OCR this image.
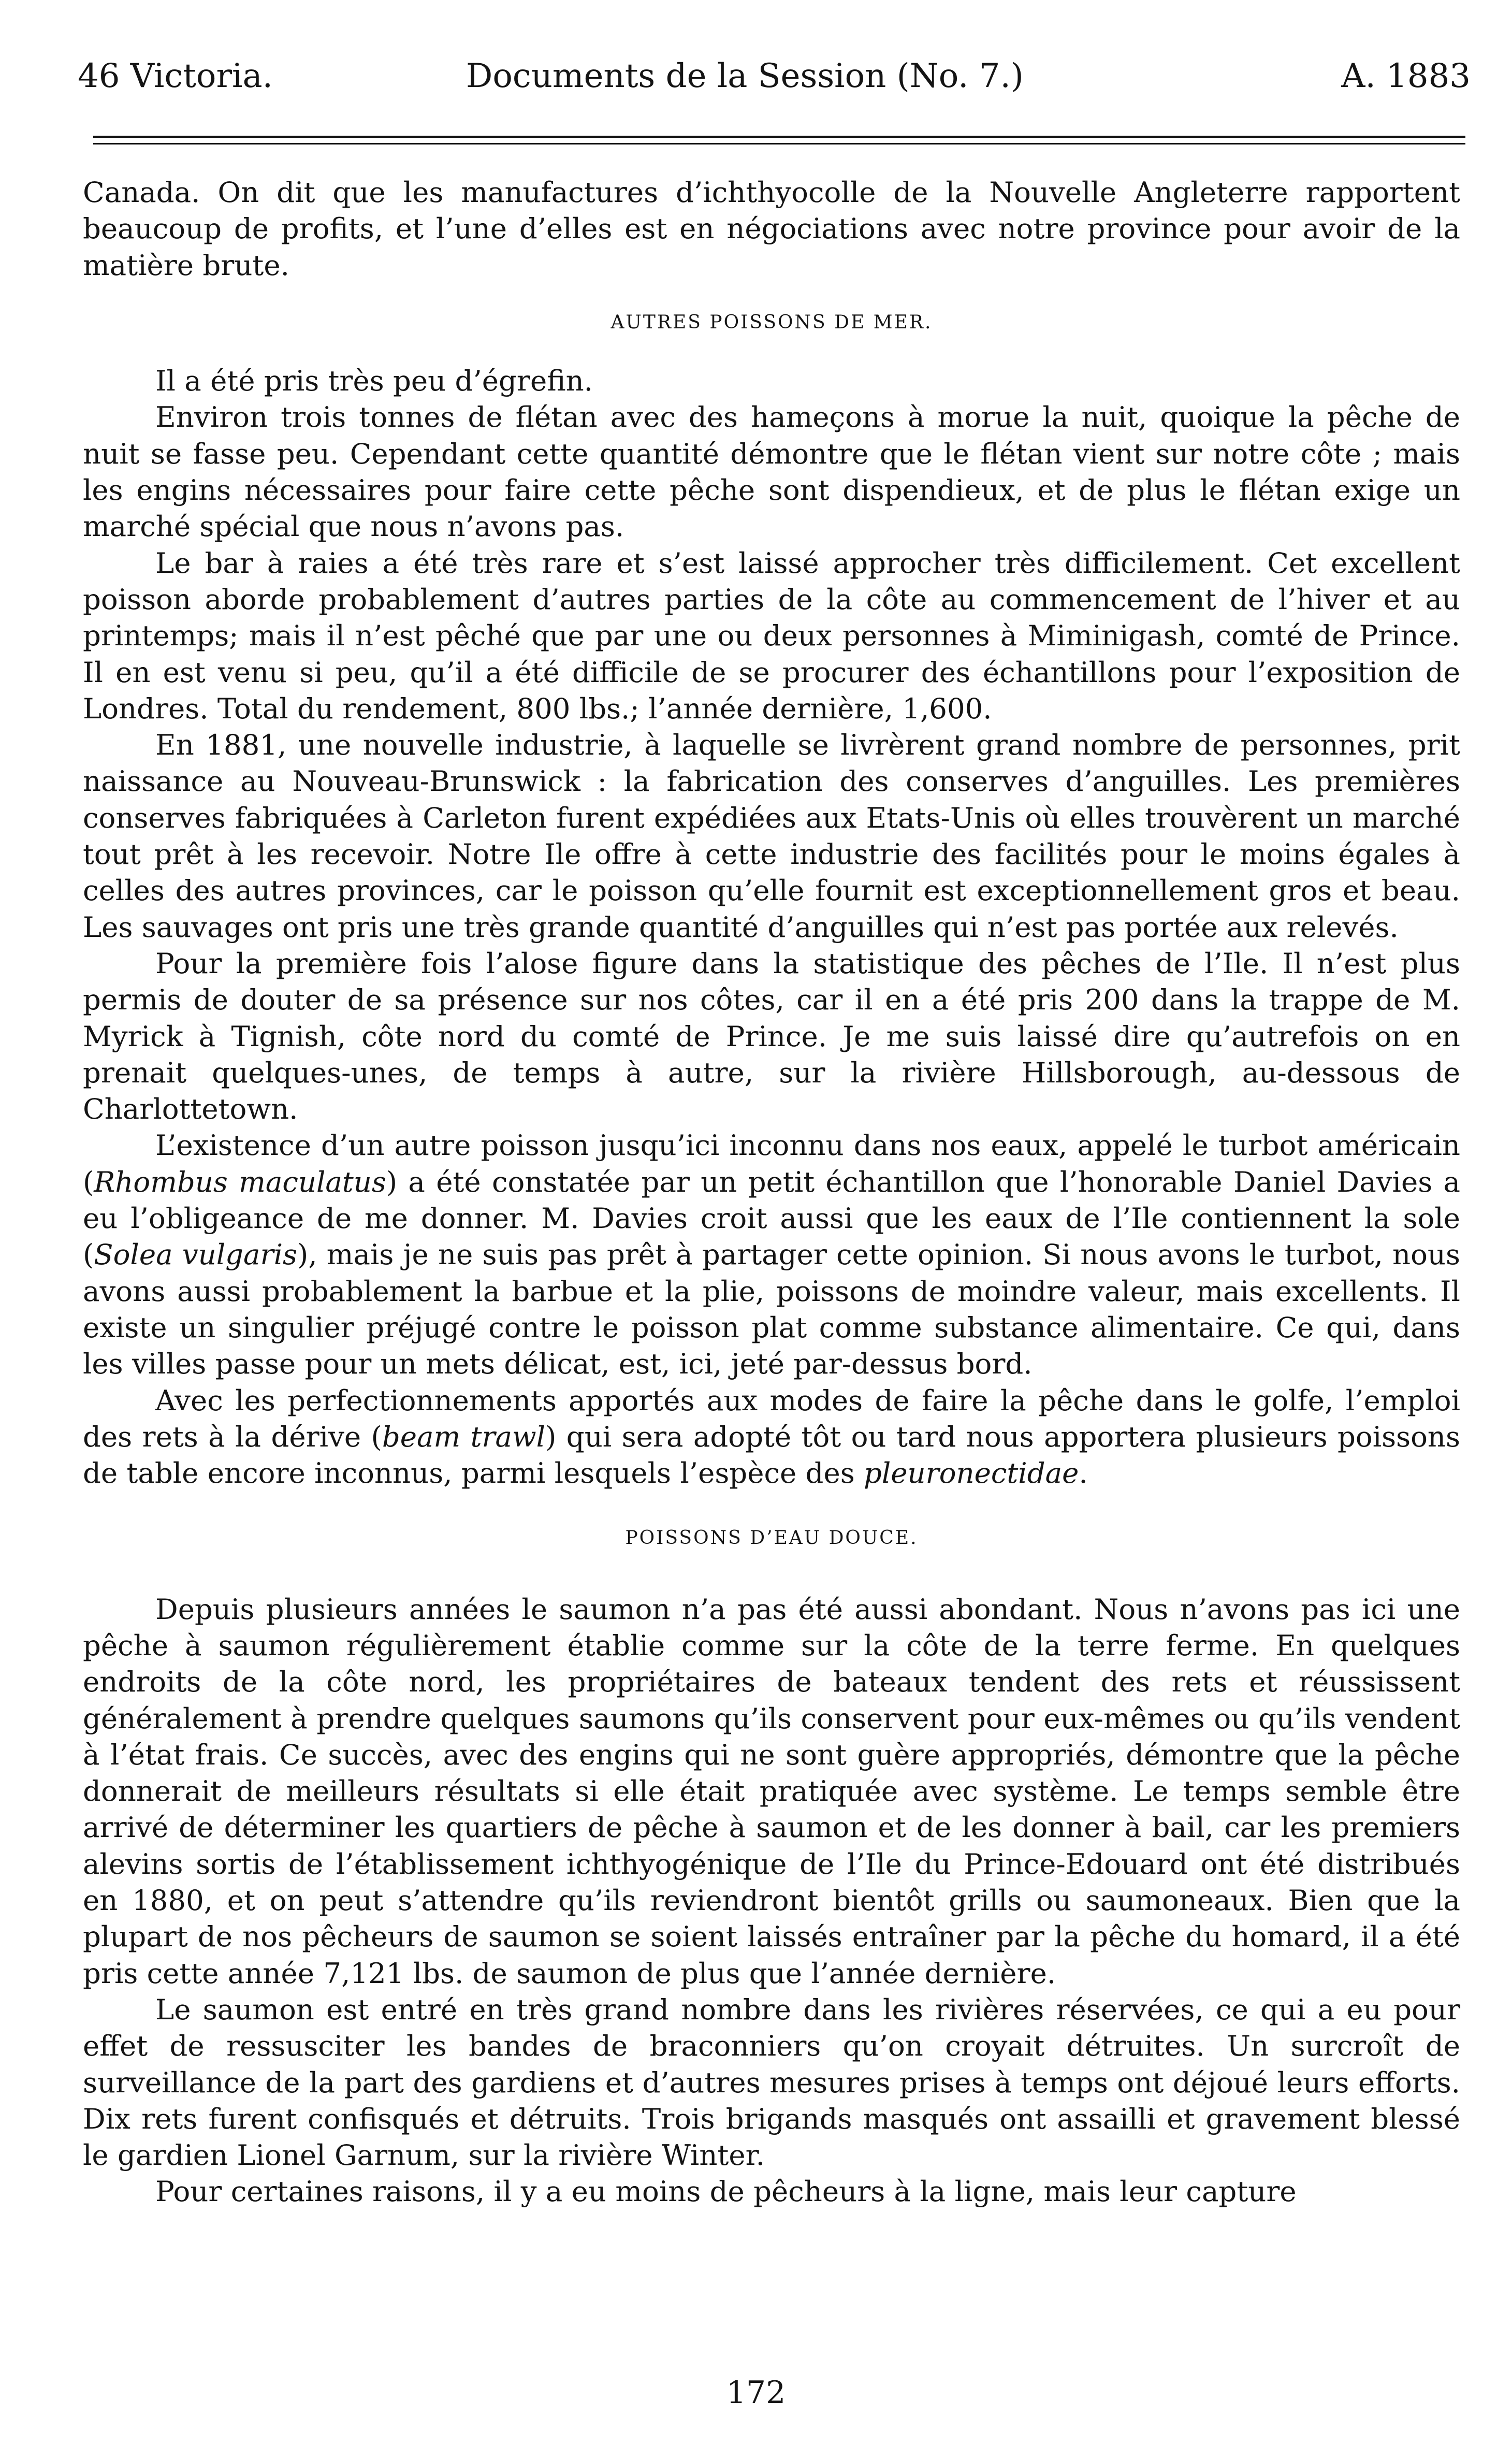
46 Victoria.	Documents de la Session (No. 7.)	A. 1883

Canada. On dit que les manufactures d’ichthyocolle de la Nouvelle Angleterre rapportent beaucoup de profits, et l’une d’elles est en négociations avec notre province pour avoir de la matière brute.

AUTRES POISSONS DE MER.

Il a été pris très peu d’égrefin.

Environ trois tonnes de flétan avec des hameçons à morue la nuit, quoique la pêche de nuit se fasse peu. Cependant cette quantité démontre que le flétan vient sur notre côte ; mais les engins nécessaires pour faire cette pêche sont dispendieux, et de plus le flétan exige un marché spécial que nous n’avons pas.

Le bar à raies a été très rare et s’est laissé approcher très difficilement. Cet excellent poisson aborde probablement d’autres parties de la côte au commencement de l’hiver et au printemps; mais il n’est pêché que par une ou deux personnes à Miminigash, comté de Prince. Il en est venu si peu, qu’il a été difficile de se procurer des échantillons pour l’exposition de Londres. Total du rendement, 800 lbs.; l’année dernière, 1,600.

En 1881, une nouvelle industrie, à laquelle se livrèrent grand nombre de personnes, prit naissance au Nouveau-Brunswick : la fabrication des conserves d’anguilles. Les premières conserves fabriquées à Carleton furent expédiées aux Etats-Unis où elles trouvèrent un marché tout prêt à les recevoir. Notre Ile offre à cette industrie des facilités pour le moins égales à celles des autres provinces, car le poisson qu’elle fournit est exceptionnellement gros et beau. Les sauvages ont pris une très grande quantité d’anguilles qui n’est pas portée aux relevés.

Pour la première fois l’alose figure dans la statistique des pêches de l’Ile. Il n’est plus permis de douter de sa présence sur nos côtes, car il en a été pris 200 dans la trappe de M. Myrick à Tignish, côte nord du comté de Prince. Je me suis laissé dire qu’autrefois on en prenait quelques-unes, de temps à autre, sur la rivière Hillsborough, au-dessous de Charlottetown.

L’existence d’un autre poisson jusqu’ici inconnu dans nos eaux, appelé le turbot américain (Rhombus maculatus) a été constatée par un petit échantillon que l’honorable Daniel Davies a eu l’obligeance de me donner. M. Davies croit aussi que les eaux de l’Ile contiennent la sole (Solea vulgaris), mais je ne suis pas prêt à partager cette opinion. Si nous avons le turbot, nous avons aussi probablement la barbue et la plie, poissons de moindre valeur, mais excellents. Il existe un singulier préjugé contre le poisson plat comme substance alimentaire. Ce qui, dans les villes passe pour un mets délicat, est, ici, jeté par-dessus bord.

Avec les perfectionnements apportés aux modes de faire la pêche dans le golfe, l’emploi des rets à la dérive (beam trawl) qui sera adopté tôt ou tard nous apportera plusieurs poissons de table encore inconnus, parmi lesquels l’espèce des pleuronectidae.

POISSONS D’EAU DOUCE.

Depuis plusieurs années le saumon n’a pas été aussi abondant. Nous n’avons pas ici une pêche à saumon régulièrement établie comme sur la côte de la terre ferme. En quelques endroits de la côte nord, les propriétaires de bateaux tendent des rets et réussissent généralement à prendre quelques saumons qu’ils conservent pour eux-mêmes ou qu’ils vendent à l’état frais. Ce succès, avec des engins qui ne sont guère appropriés, démontre que la pêche donnerait de meilleurs résultats si elle était pratiquée avec système. Le temps semble être arrivé de déterminer les quartiers de pêche à saumon et de les donner à bail, car les premiers alevins sortis de l’établissement ichthyogénique de l’Ile du Prince-Edouard ont été distribués en 1880, et on peut s’attendre qu’ils reviendront bientôt grills ou saumoneaux. Bien que la plupart de nos pêcheurs de saumon se soient laissés entraîner par la pêche du homard, il a été pris cette année 7,121 lbs. de saumon de plus que l’année dernière.

Le saumon est entré en très grand nombre dans les rivières réservées, ce qui a eu pour effet de ressusciter les bandes de braconniers qu’on croyait détruites. Un surcroît de surveillance de la part des gardiens et d’autres mesures prises à temps ont déjoué leurs efforts. Dix rets furent confisqués et détruits. Trois brigands masqués ont assailli et gravement blessé le gardien Lionel Garnum, sur la rivière Winter.

Pour certaines raisons, il y a eu moins de pêcheurs à la ligne, mais leur capture

172
